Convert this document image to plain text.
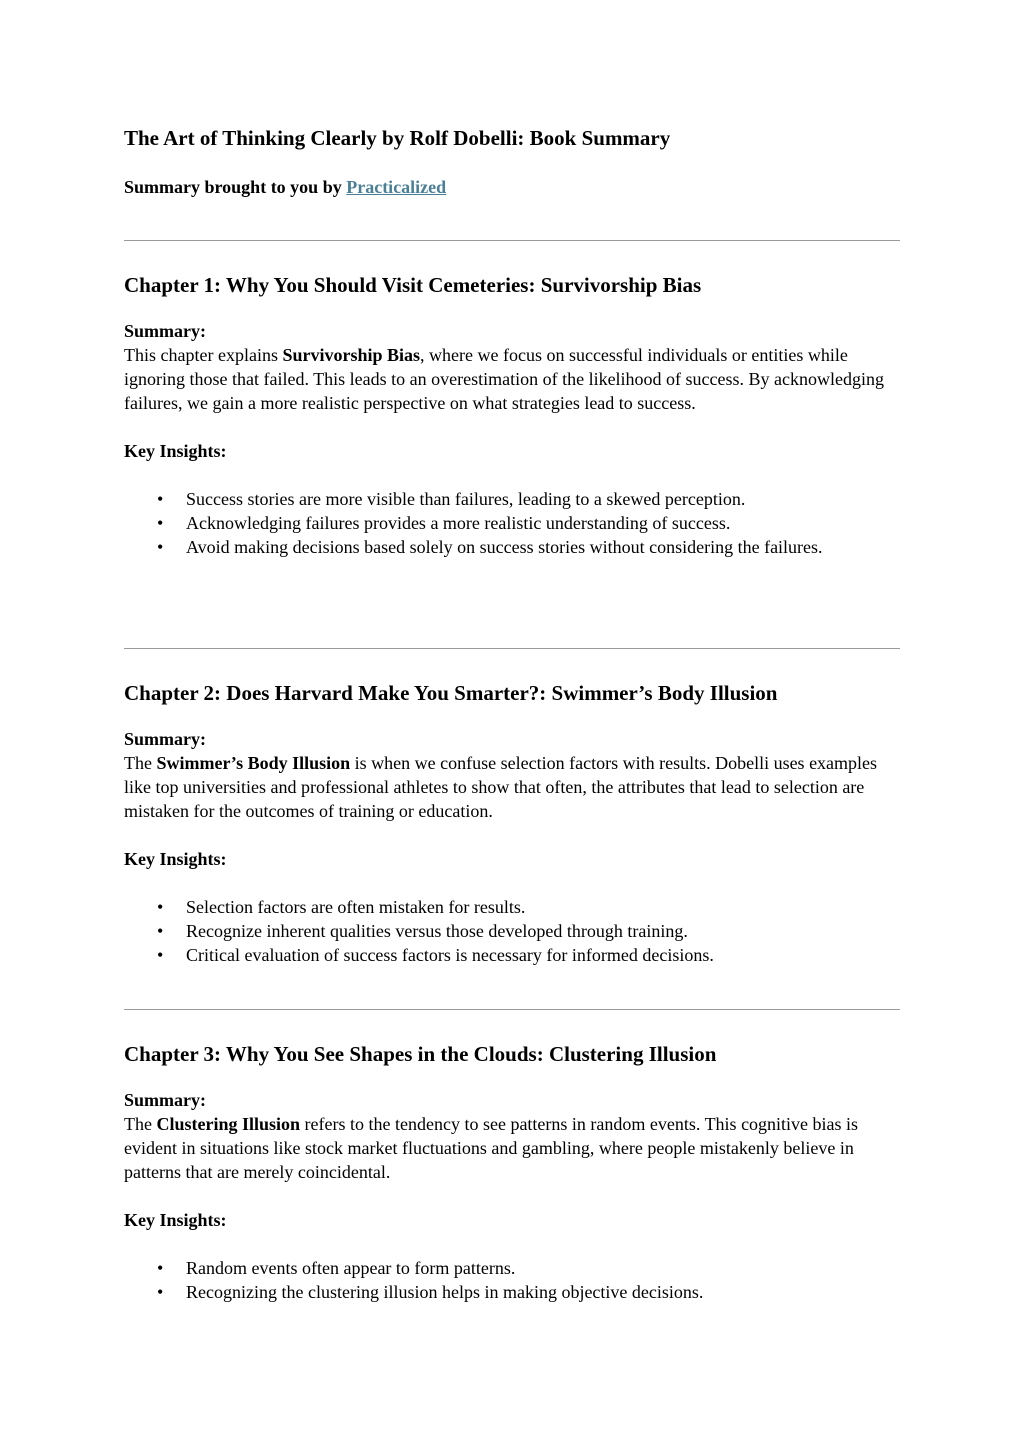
The Art of Thinking Clearly by Rolf Dobelli: Book Summary

Summary brought to you by Practicalized

Chapter 1: Why You Should Visit Cemeteries: Survivorship Bias

Summary:

This chapter explains Survivorship Bias, where we focus on successful individuals or entities while ignoring those that failed. This leads to an overestimation of the likelihood of success. By acknowledging failures, we gain a more realistic perspective on what strategies lead to success.

Key Insights:

• Success stories are more visible than failures, leading to a skewed perception.
• Acknowledging failures provides a more realistic understanding of success.
• Avoid making decisions based solely on success stories without considering the failures.
Chapter 2: Does Harvard Make You Smarter?: Swimmer’s Body Illusion

Summary:

The Swimmer’s Body Illusion is when we confuse selection factors with results. Dobelli uses examples like top universities and professional athletes to show that often, the attributes that lead to selection are mistaken for the outcomes of training or education.

Key Insights:

• Selection factors are often mistaken for results.
• Recognize inherent qualities versus those developed through training.
• Critical evaluation of success factors is necessary for informed decisions.
Chapter 3: Why You See Shapes in the Clouds: Clustering Illusion

Summary:

The Clustering Illusion refers to the tendency to see patterns in random events. This cognitive bias is evident in situations like stock market fluctuations and gambling, where people mistakenly believe in patterns that are merely coincidental.

Key Insights:

• Random events often appear to form patterns.
• Recognizing the clustering illusion helps in making objective decisions.
